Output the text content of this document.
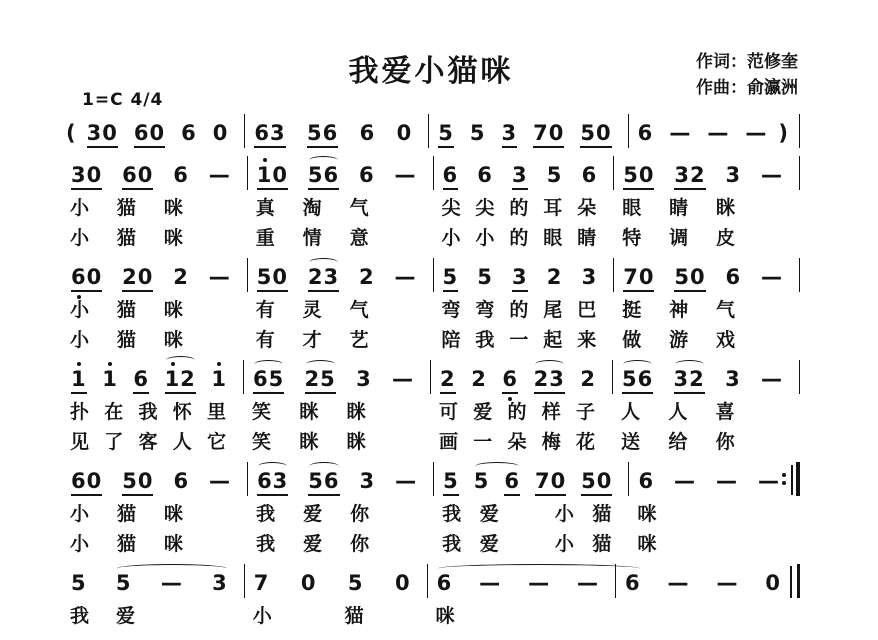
1=C 4/4
我爱小猫咪	作词：范修奎
作曲：俞瀛洲
( 30 60 6 0 63 56 6 0 5 5 3 70 50 6 — — — )
30 60 6 —
小 猫 咪

小 猫 咪

10 56 6 —
真 淘 气

重 情 意

6 6 3 5 6
尖 尖 的 耳 朵
小 小 的 眼 睛
50 32 3 —
眼 睛 眯

特 调 皮

60 20 2 —
小 猫 咪

小 猫 咪

50 23 2 —
有 灵 气

有 才 艺

5 5 3 2 3
弯 弯 的 尾 巴
陪 我 一 起 来
70 50 6 —
挺 神 气

做 游 戏

1 1 6 12 1
扑 在 我 怀 里
见 了 客 人 它
65 25 3 —
笑 眯 眯

笑 眯 眯

2 2 6 23 2
可 爱 的 样 子
画 一 朵 梅 花
56 32 3 —
人 人 喜

送 给 你

60 50 6 —
小 猫 咪

小 猫 咪

63 56 3 —
我 爱 你

我 爱 你

5 5 6 70 50
我 爱
	小 猫
我 爱
	小 猫
6 — — —
咪

咪

5 5 — 3
我 爱

7 0 5 0
小
	猫

6 — — —
咪

6 — — 0
